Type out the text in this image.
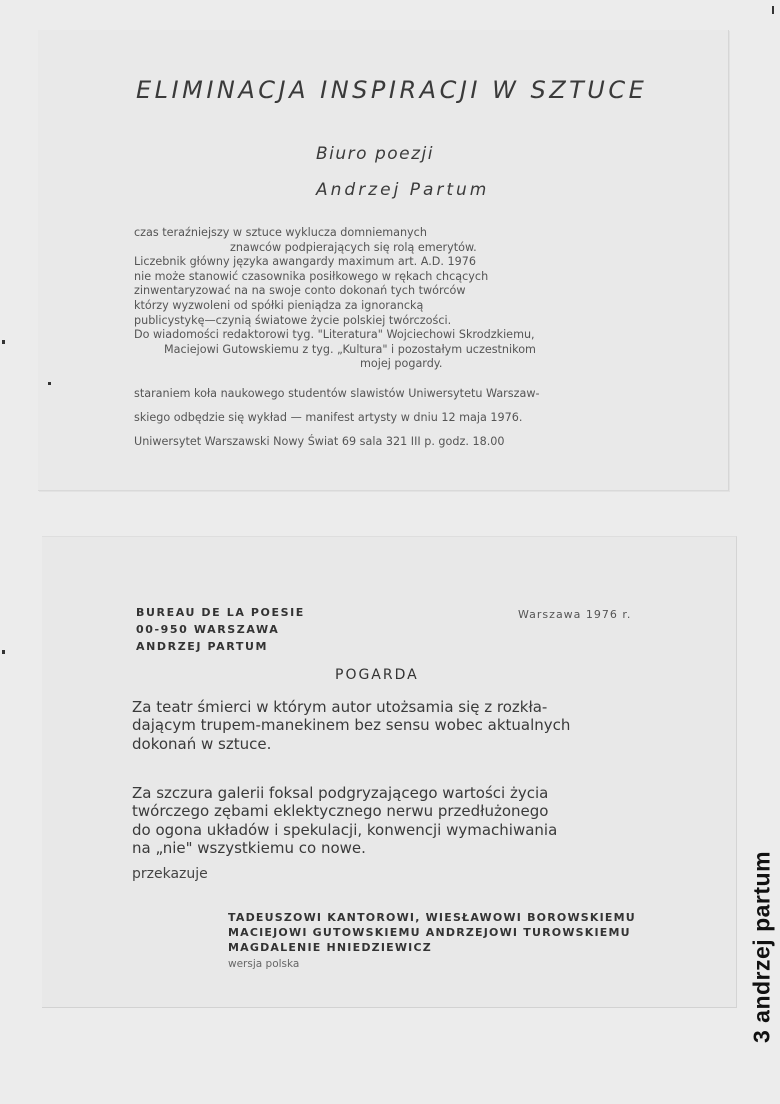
ELIMINACJA INSPIRACJI W SZTUCE
Biuro poezji
Andrzej Partum
czas teraźniejszy w sztuce wyklucza domniemanych
znawców podpierających się rolą emerytów.
Liczebnik główny języka awangardy maximum art. A.D. 1976
nie może stanowić czasownika posiłkowego w rękach chcących
zinwentaryzować na na swoje conto dokonań tych twórców
którzy wyzwoleni od spółki pieniądza za ignorancką
publicystykę—czynią światowe życie polskiej twórczości.
Do wiadomości redaktorowi tyg. "Literatura" Wojciechowi Skrodzkiemu,
Maciejowi Gutowskiemu z tyg. „Kultura" i pozostałym uczestnikom
mojej pogardy.
staraniem koła naukowego studentów slawistów Uniwersytetu Warszaw-
skiego odbędzie się wykład — manifest artysty w dniu 12 maja 1976.
Uniwersytet Warszawski Nowy Świat 69 sala 321 III p. godz. 18.00
BUREAU DE LA POESIE
00-950 WARSZAWA
ANDRZEJ PARTUM
Warszawa 1976 r.
POGARDA
Za teatr śmierci w którym autor utożsamia się z rozkła-
dającym trupem-manekinem bez sensu wobec aktualnych
dokonań w sztuce.
Za szczura galerii foksal podgryzającego wartości życia
twórczego zębami eklektycznego nerwu przedłużonego
do ogona układów i spekulacji, konwencji wymachiwania
na „nie" wszystkiemu co nowe.
przekazuje
TADEUSZOWI KANTOROWI, WIESŁAWOWI BOROWSKIEMU
MACIEJOWI GUTOWSKIEMU ANDRZEJOWI TUROWSKIEMU
MAGDALENIE HNIEDZIEWICZ
wersja polska	3 andrzej partum
